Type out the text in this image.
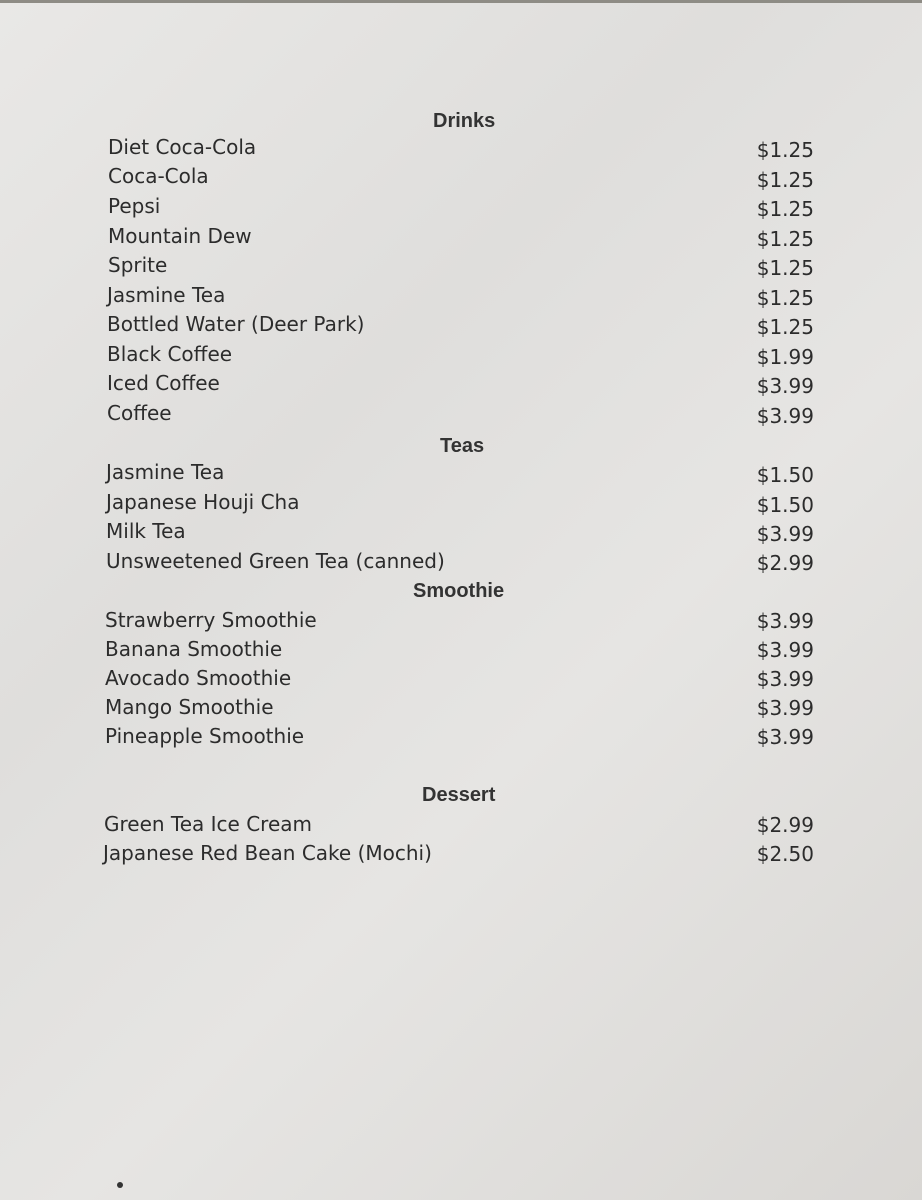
Drinks
Diet Coca-Cola	$1.25
Coca-Cola	$1.25
Pepsi	$1.25
Mountain Dew	$1.25
Sprite	$1.25
Jasmine Tea	$1.25
Bottled Water (Deer Park)	$1.25
Black Coffee	$1.99
Iced Coffee	$3.99
Coffee	$3.99
Teas
Jasmine Tea	$1.50
Japanese Houji Cha	$1.50
Milk Tea	$3.99
Unsweetened Green Tea (canned)	$2.99
Smoothie
Strawberry Smoothie	$3.99
Banana Smoothie	$3.99
Avocado Smoothie	$3.99
Mango Smoothie	$3.99
Pineapple Smoothie	$3.99
Dessert
Green Tea Ice Cream	$2.99
Japanese Red Bean Cake (Mochi)	$2.50
